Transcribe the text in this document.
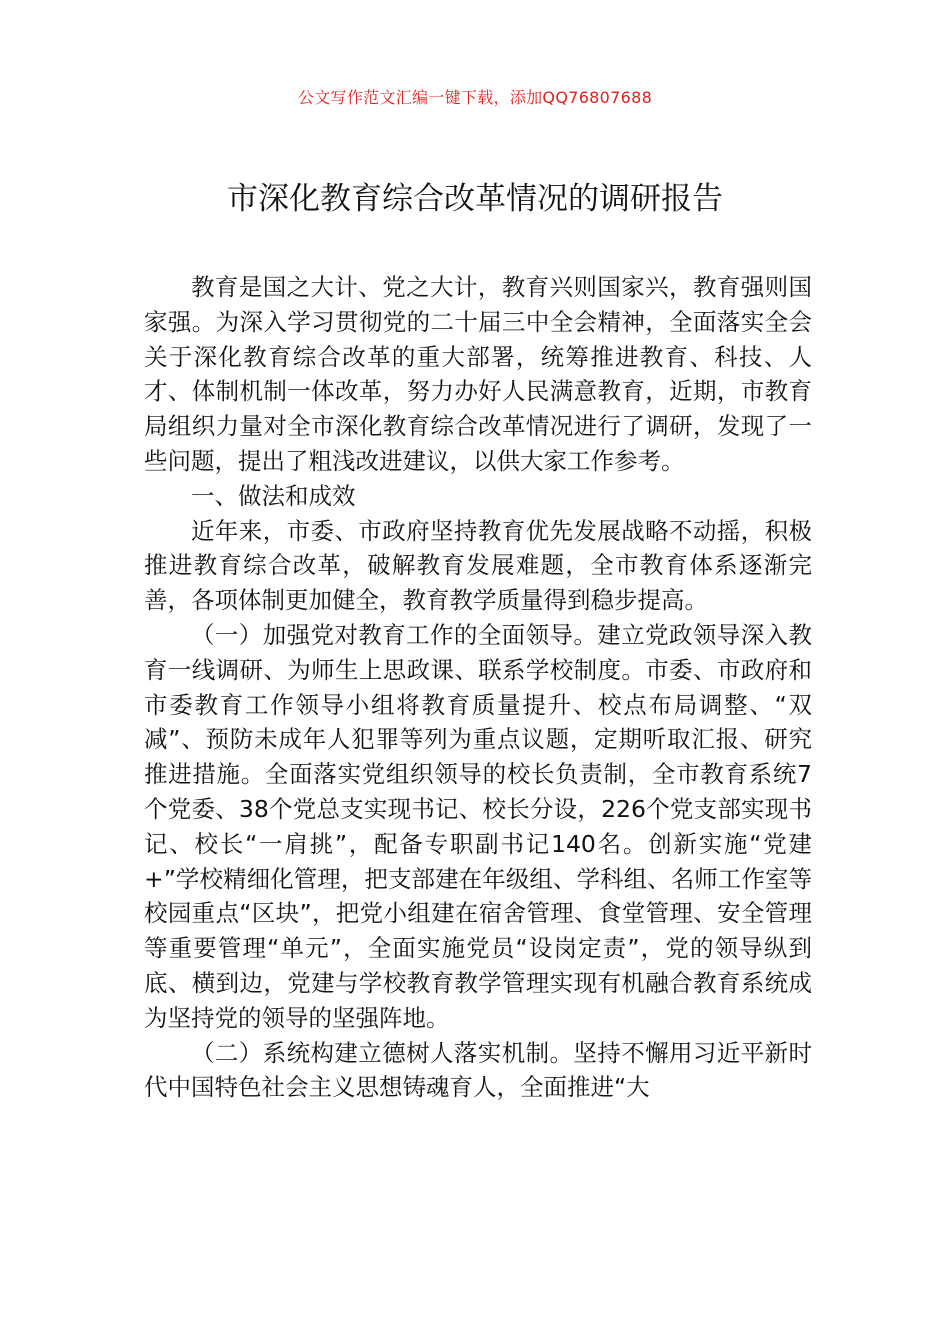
公文写作范文汇编一键下载，添加QQ76807688
市深化教育综合改革情况的调研报告

教育是国之大计、党之大计，教育兴则国家兴，教育强则国家强。为深入学习贯彻党的二十届三中全会精神，全面落实全会关于深化教育综合改革的重大部署，统筹推进教育、科技、人才、体制机制一体改革，努力办好人民满意教育，近期，市教育局组织力量对全市深化教育综合改革情况进行了调研，发现了一些问题，提出了粗浅改进建议，以供大家工作参考。

一、做法和成效

近年来，市委、市政府坚持教育优先发展战略不动摇，积极推进教育综合改革，破解教育发展难题，全市教育体系逐渐完善，各项体制更加健全，教育教学质量得到稳步提高。

（一）加强党对教育工作的全面领导。建立党政领导深入教育一线调研、为师生上思政课、联系学校制度。市委、市政府和市委教育工作领导小组将教育质量提升、校点布局调整、“双减”、预防未成年人犯罪等列为重点议题，定期听取汇报、研究推进措施。全面落实党组织领导的校长负责制，全市教育系统7个党委、38个党总支实现书记、校长分设，226个党支部实现书记、校长“一肩挑”，配备专职副书记140名。创新实施“党建+”学校精细化管理，把支部建在年级组、学科组、名师工作室等校园重点“区块”，把党小组建在宿舍管理、食堂管理、安全管理等重要管理“单元”，全面实施党员“设岗定责”，党的领导纵到底、横到边，党建与学校教育教学管理实现有机融合教育系统成为坚持党的领导的坚强阵地。

（二）系统构建立德树人落实机制。坚持不懈用习近平新时代中国特色社会主义思想铸魂育人，全面推进“大
